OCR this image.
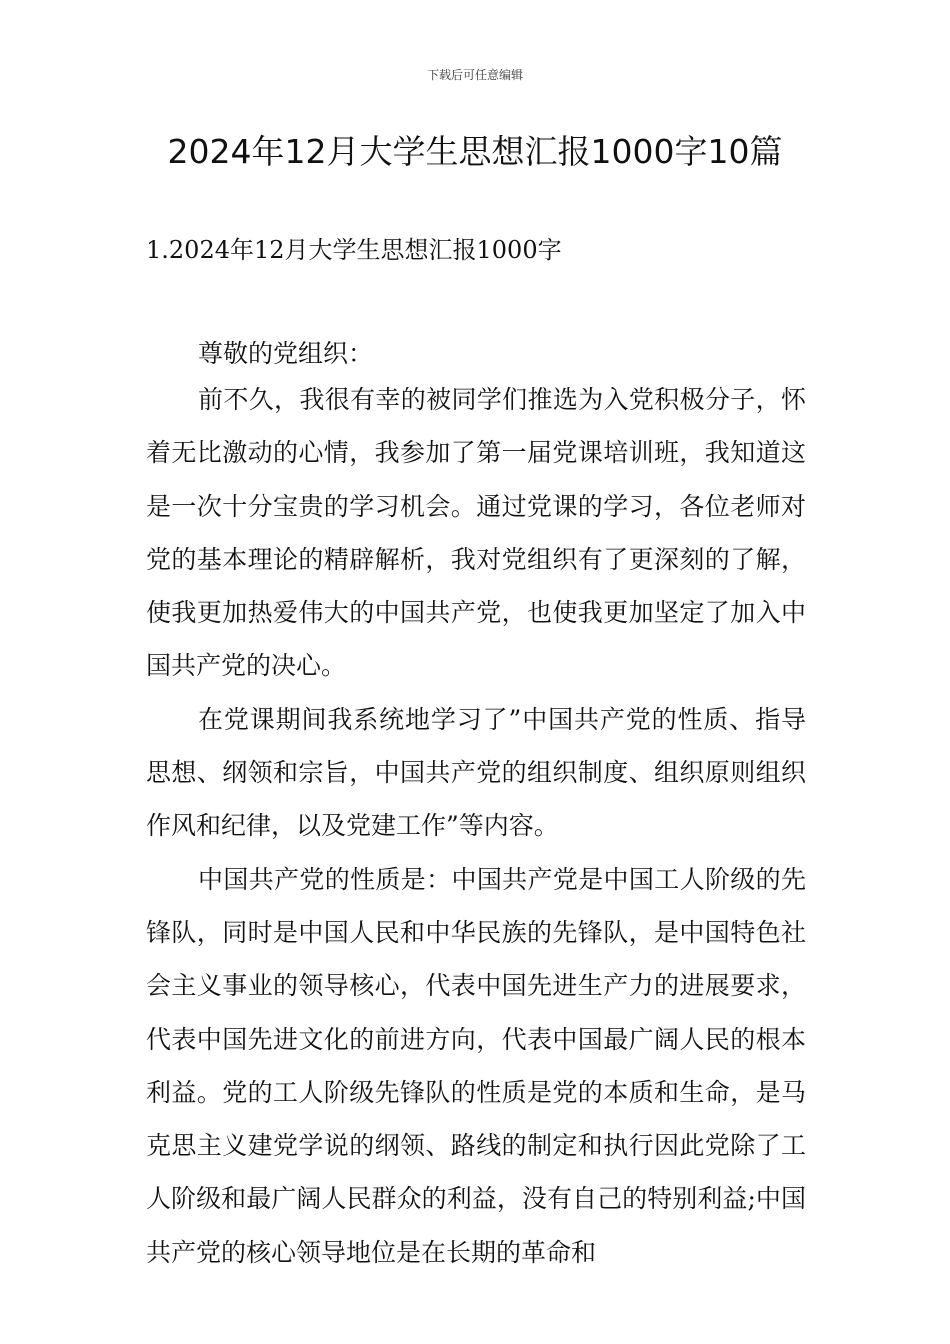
下载后可任意编辑
2024年12月大学生思想汇报1000字10篇
1.2024年12月大学生思想汇报1000字
尊敬的党组织：

前不久，我很有幸的被同学们推选为入党积极分子，怀着无比激动的心情，我参加了第一届党课培训班，我知道这是一次十分宝贵的学习机会。通过党课的学习，各位老师对党的基本理论的精辟解析，我对党组织有了更深刻的了解，使我更加热爱伟大的中国共产党，也使我更加坚定了加入中国共产党的决心。

在党课期间我系统地学习了”中国共产党的性质、指导思想、纲领和宗旨，中国共产党的组织制度、组织原则组织作风和纪律，以及党建工作”等内容。

中国共产党的性质是：中国共产党是中国工人阶级的先锋队，同时是中国人民和中华民族的先锋队，是中国特色社会主义事业的领导核心，代表中国先进生产力的进展要求，代表中国先进文化的前进方向，代表中国最广阔人民的根本利益。党的工人阶级先锋队的性质是党的本质和生命，是马克思主义建党学说的纲领、路线的制定和执行因此党除了工人阶级和最广阔人民群众的利益，没有自己的特别利益;中国共产党的核心领导地位是在长期的革命和
